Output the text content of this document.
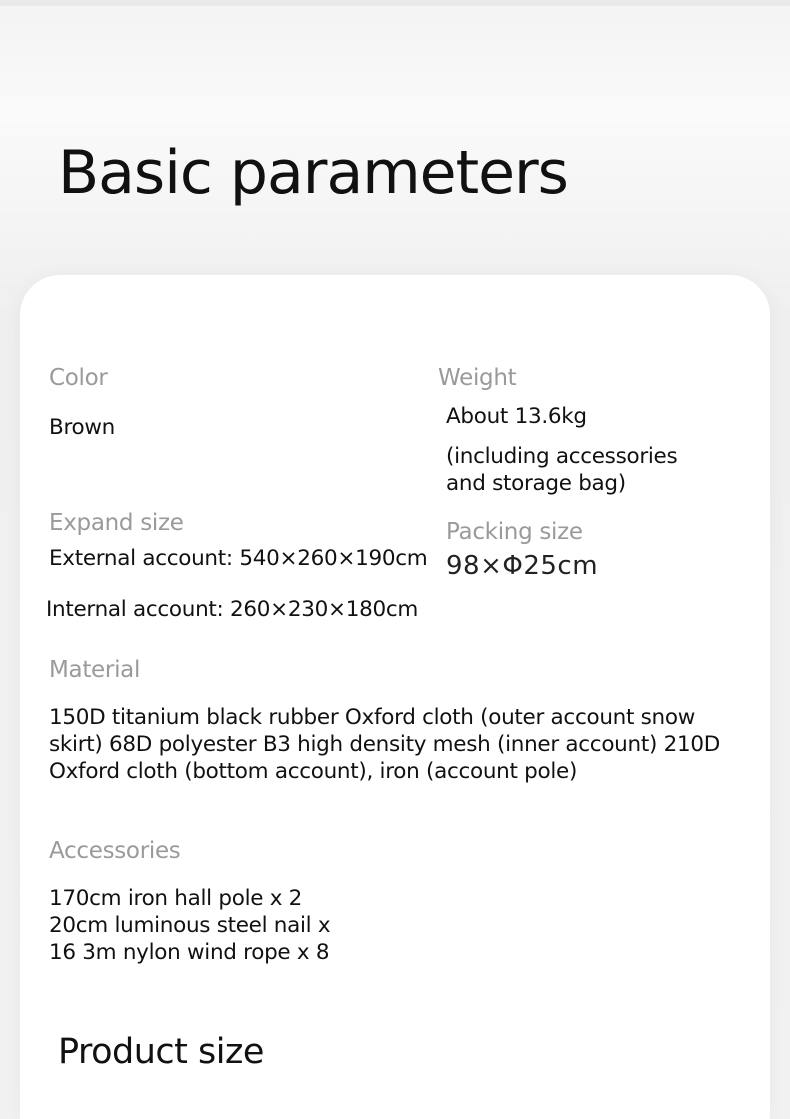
Basic parameters

Color

Brown

Weight

About 13.6kg

(including accessories

and storage bag)

Expand size

External account: 540×260×190cm

Internal account: 260×230×180cm

Packing size

98×Φ25cm

Material

150D titanium black rubber Oxford cloth (outer account snow

skirt) 68D polyester B3 high density mesh (inner account) 210D

Oxford cloth (bottom account), iron (account pole)

Accessories

170cm iron hall pole x 2

20cm luminous steel nail x

16 3m nylon wind rope x 8

Product size
